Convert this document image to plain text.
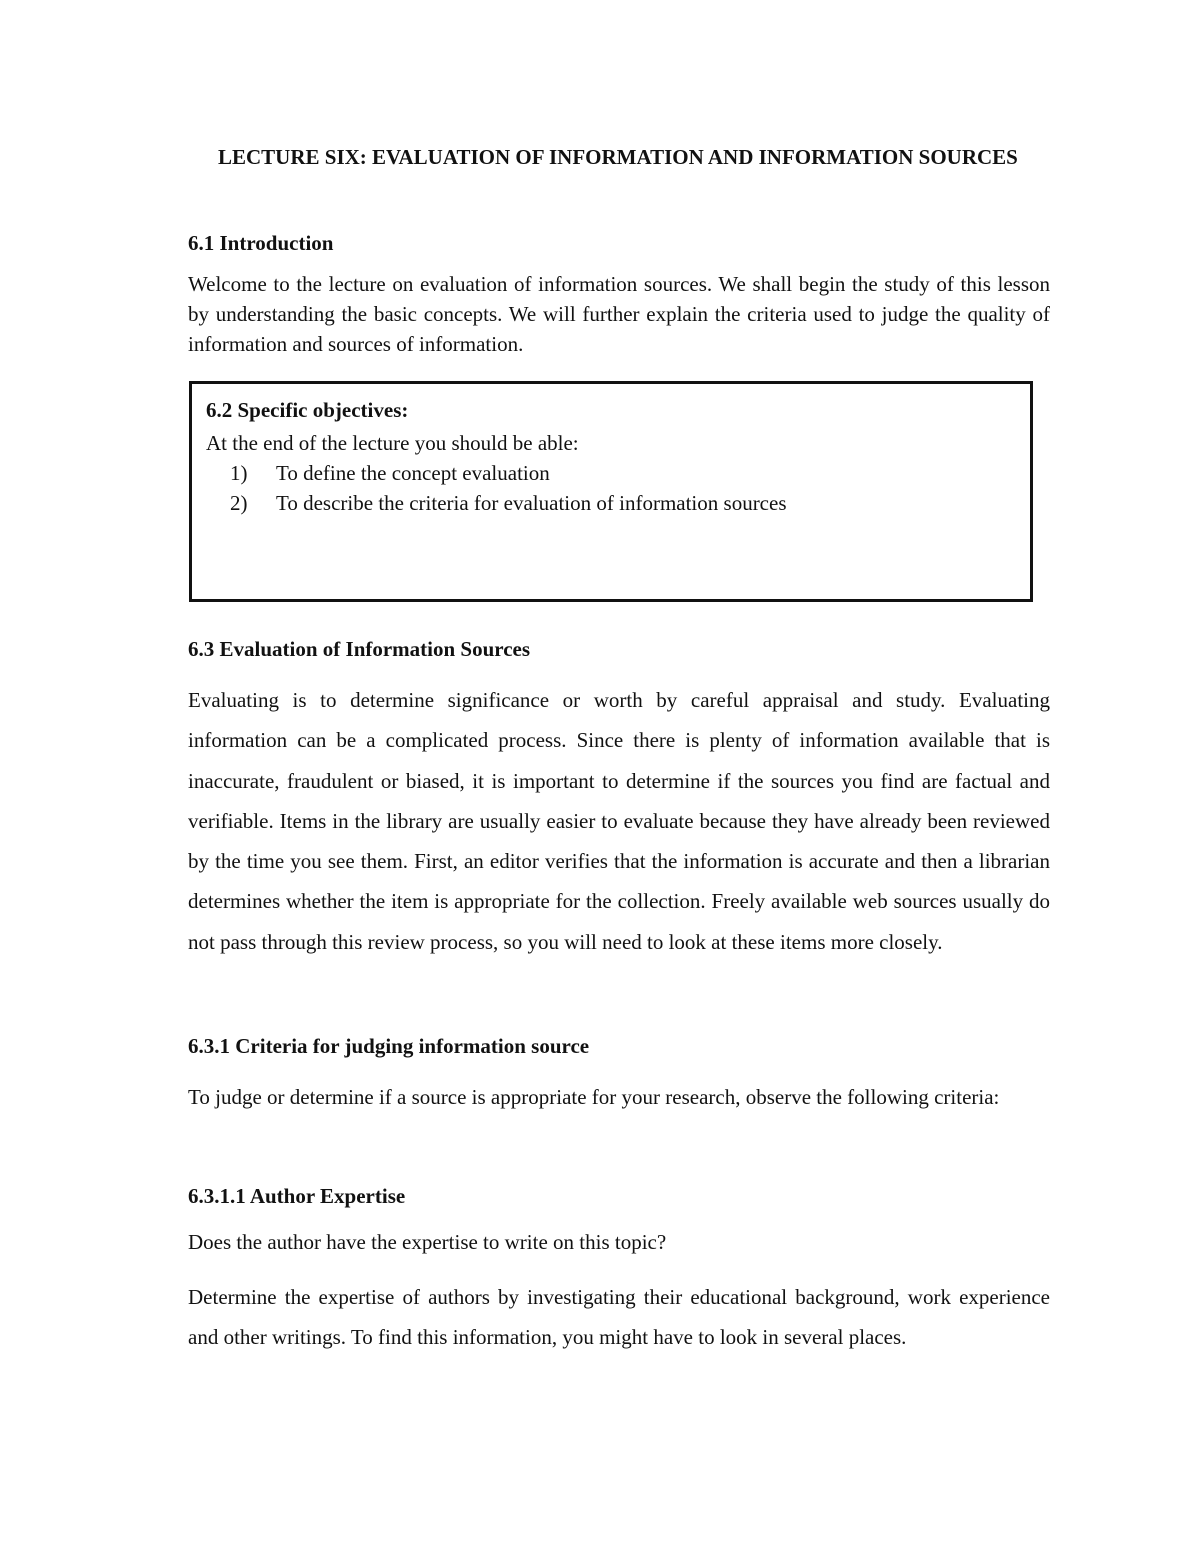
LECTURE SIX: EVALUATION OF INFORMATION AND INFORMATION SOURCES
6.1 Introduction

Welcome to the lecture on evaluation of information sources. We shall begin the study of this lesson by understanding the basic concepts. We will further explain the criteria used to judge the quality of information and sources of information.

6.2 Specific objectives:

At the end of the lecture you should be able:

1)	To define the concept evaluation
2)	To describe the criteria for evaluation of information sources
6.3 Evaluation of Information Sources

Evaluating is to determine significance or worth by careful appraisal and study. Evaluating information can be a complicated process. Since there is plenty of information available that is inaccurate, fraudulent or biased, it is important to determine if the sources you find are factual and verifiable. Items in the library are usually easier to evaluate because they have already been reviewed by the time you see them. First, an editor verifies that the information is accurate and then a librarian determines whether the item is appropriate for the collection. Freely available web sources usually do not pass through this review process, so you will need to look at these items more closely.

6.3.1 Criteria for judging information source

To judge or determine if a source is appropriate for your research, observe the following criteria:

6.3.1.1 Author Expertise

Does the author have the expertise to write on this topic?

Determine the expertise of authors by investigating their educational background, work experience and other writings. To find this information, you might have to look in several places.
